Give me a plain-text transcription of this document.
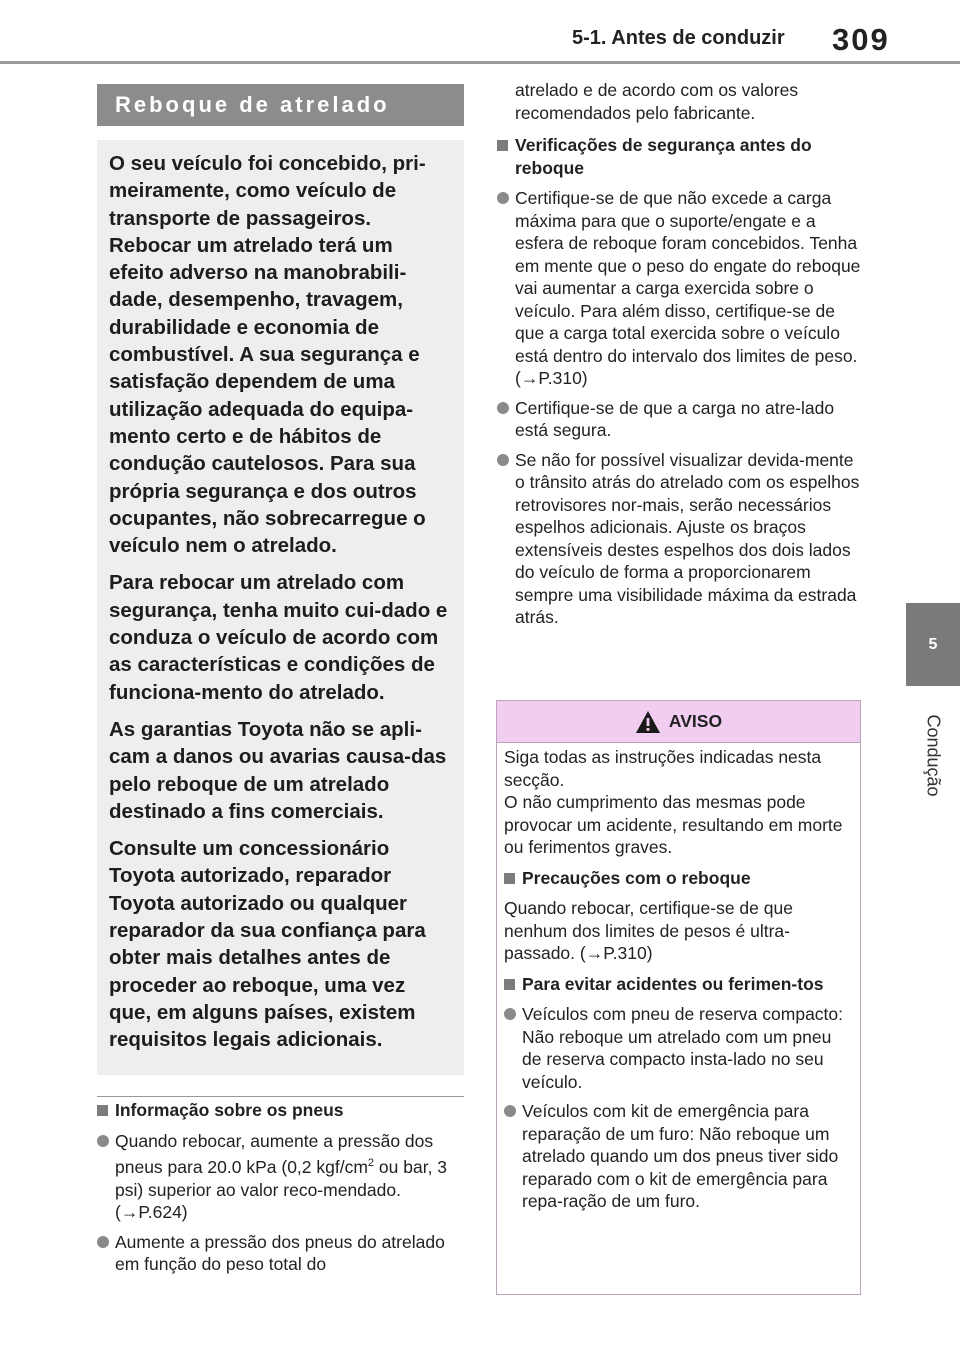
5-1. Antes de conduzir 309
5
Condução
Reboque de atrelado

O seu veículo foi concebido, pri-meiramente, como veículo de transporte de passageiros. Rebocar um atrelado terá um efeito adverso na manobrabili-dade, desempenho, travagem, durabilidade e economia de combustível. A sua segurança e satisfação dependem de uma utilização adequada do equipa-mento certo e de hábitos de condução cautelosos. Para sua própria segurança e dos outros ocupantes, não sobrecarregue o veículo nem o atrelado.

Para rebocar um atrelado com segurança, tenha muito cui-dado e conduza o veículo de acordo com as características e condições de funciona-mento do atrelado.

As garantias Toyota não se apli-cam a danos ou avarias causa-das pelo reboque de um atrelado destinado a fins comerciais.

Consulte um concessionário Toyota autorizado, reparador Toyota autorizado ou qualquer reparador da sua confiança para obter mais detalhes antes de proceder ao reboque, uma vez que, em alguns países, existem requisitos legais adicionais.

Informação sobre os pneus
Quando rebocar, aumente a pressão dos pneus para 20.0 kPa (0,2 kgf/$cm^2$ ou bar, 3 psi) superior ao valor reco-mendado. (→P.624)
Aumente a pressão dos pneus do atrelado em função do peso total do
atrelado e de acordo com os valores recomendados pelo fabricante.
Verificações de segurança antes do reboque
Certifique-se de que não excede a carga máxima para que o suporte/engate e a esfera de reboque foram concebidos. Tenha em mente que o peso do engate do reboque vai aumentar a carga exercida sobre o veículo. Para além disso, certifique-se de que a carga total exercida sobre o veículo está dentro do intervalo dos limites de peso. (→P.310)
Certifique-se de que a carga no atre-lado está segura.
Se não for possível visualizar devida-mente o trânsito atrás do atrelado com os espelhos retrovisores nor-mais, serão necessários espelhos adicionais. Ajuste os braços extensíveis destes espelhos dos dois lados do veículo de forma a proporcionarem sempre uma visibilidade máxima da estrada atrás.
AVISO
Siga todas as instruções indicadas nesta secção.

O não cumprimento das mesmas pode provocar um acidente, resultando em morte ou ferimentos graves.

Precauções com o reboque

Quando rebocar, certifique-se de que nenhum dos limites de pesos é ultra-passado. (→P.310)

Para evitar acidentes ou ferimen-tos
Veículos com pneu de reserva compacto: Não reboque um atrelado com um pneu de reserva compacto insta-lado no seu veículo.
Veículos com kit de emergência para reparação de um furo: Não reboque um atrelado quando um dos pneus tiver sido reparado com o kit de emergência para repa-ração de um furo.
